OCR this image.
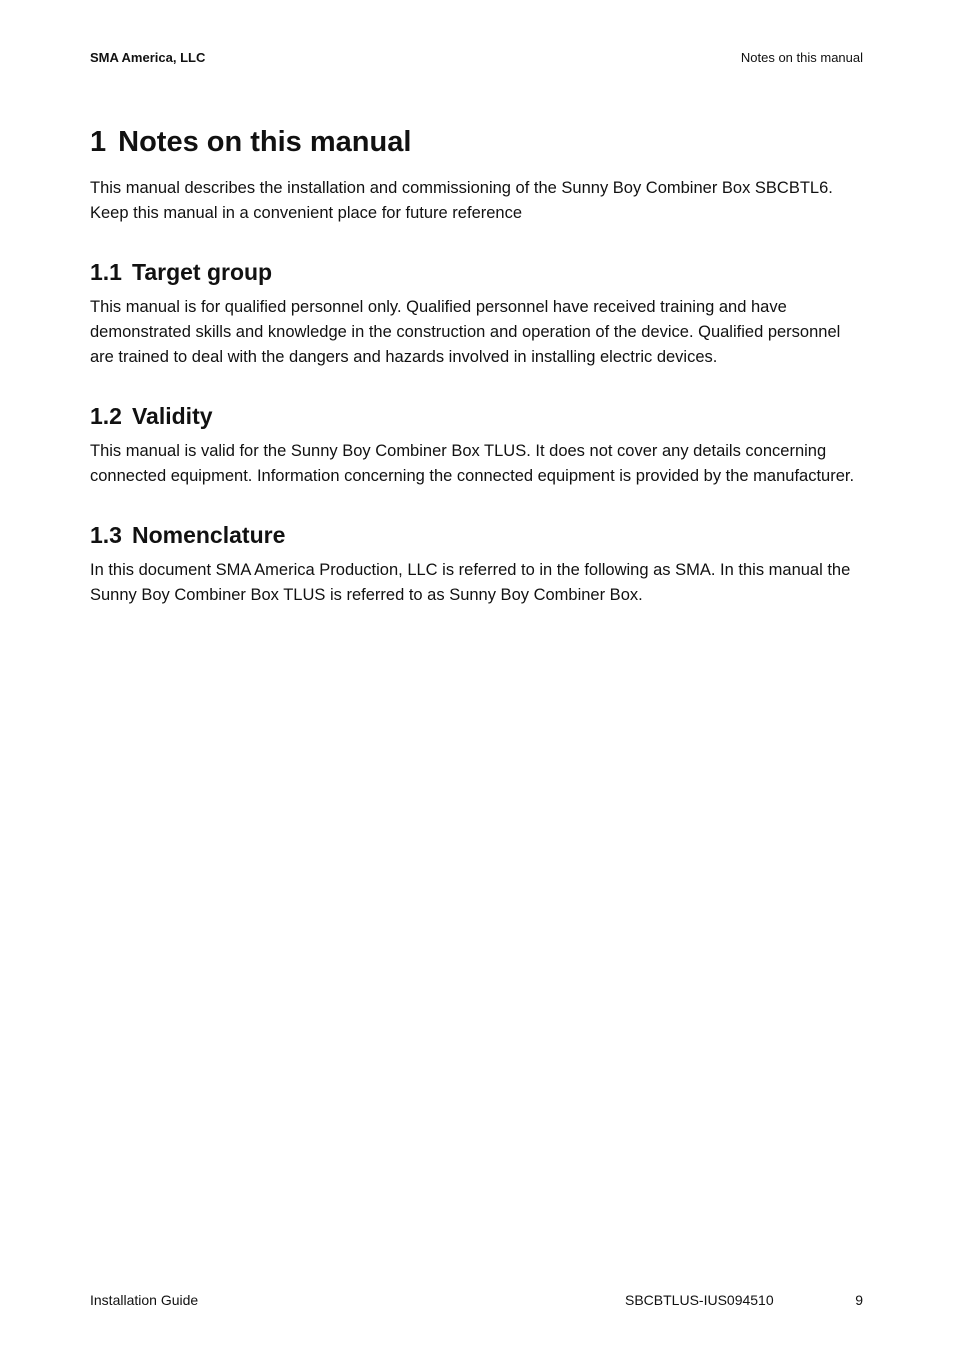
SMA America, LLC	Notes on this manual
1 Notes on this manual

This manual describes the installation and commissioning of the Sunny Boy Combiner Box SBCBTL6. Keep this manual in a convenient place for future reference

1.1 Target group

This manual is for qualified personnel only. Qualified personnel have received training and have demonstrated skills and knowledge in the construction and operation of the device. Qualified personnel are trained to deal with the dangers and hazards involved in installing electric devices.

1.2 Validity

This manual is valid for the Sunny Boy Combiner Box TLUS. It does not cover any details concerning connected equipment. Information concerning the connected equipment is provided by the manufacturer.

1.3 Nomenclature

In this document SMA America Production, LLC is referred to in the following as SMA. In this manual the Sunny Boy Combiner Box TLUS is referred to as Sunny Boy Combiner Box.

Installation Guide	SBCBTLUS-IUS094510	9
